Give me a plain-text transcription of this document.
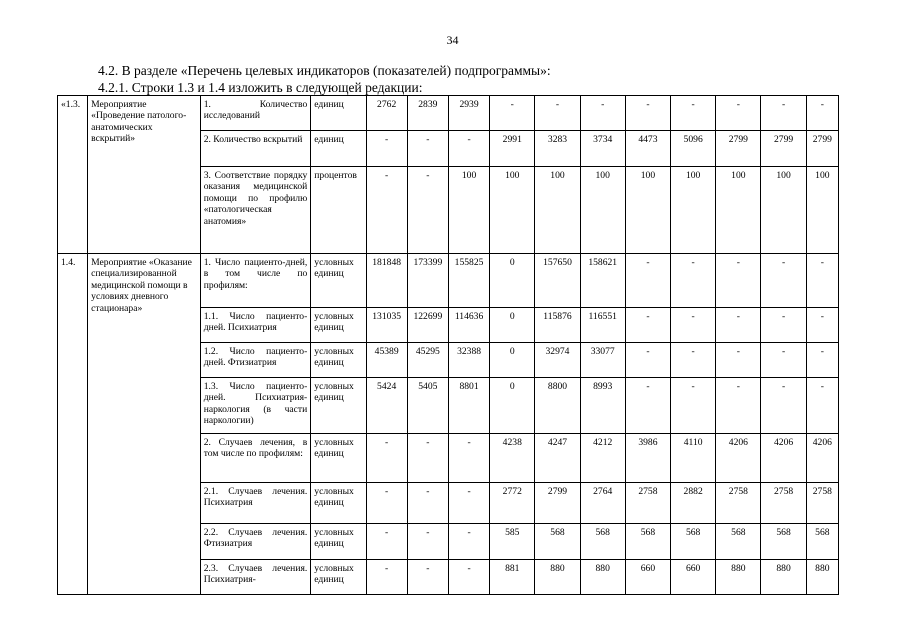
34
4.2. В разделе «Перечень целевых индикаторов (показателей) подпрограммы»:
4.2.1. Строки 1.3 и 1.4 изложить в следующей редакции:
«1.3.	Мероприятие «Проведение патолого-анатомических вскрытий»	1. Количество исследований	единиц	2762	2839	2939	-	-	-	-	-	-	-	-
		2. Количество вскрытий	единиц	-	-	-	2991	3283	3734	4473	5096	2799	2799	2799
		3. Соответствие порядку оказания медицинской помощи по профилю «патологическая анатомия»	процентов	-	-	100	100	100	100	100	100	100	100	100
1.4.	Мероприятие «Оказание специализированной медицинской помощи в условиях дневного стационара»	1. Число пациенто-дней, в том числе по профилям:	условных единиц	181848	173399	155825	0	157650	158621	-	-	-	-	-
		1.1. Число пациенто-дней. Психиатрия	условных единиц	131035	122699	114636	0	115876	116551	-	-	-	-	-
		1.2. Число пациенто-дней. Фтизиатрия	условных единиц	45389	45295	32388	0	32974	33077	-	-	-	-	-
		1.3. Число пациенто-дней. Психиатрия-наркология (в части наркологии)	условных единиц	5424	5405	8801	0	8800	8993	-	-	-	-	-
		2. Случаев лечения, в том числе по профилям:	условных единиц	-	-	-	4238	4247	4212	3986	4110	4206	4206	4206
		2.1. Случаев лечения. Психиатрия	условных единиц	-	-	-	2772	2799	2764	2758	2882	2758	2758	2758
		2.2. Случаев лечения. Фтизиатрия	условных единиц	-	-	-	585	568	568	568	568	568	568	568
		2.3. Случаев лечения. Психиатрия-	условных единиц	-	-	-	881	880	880	660	660	880	880	880
